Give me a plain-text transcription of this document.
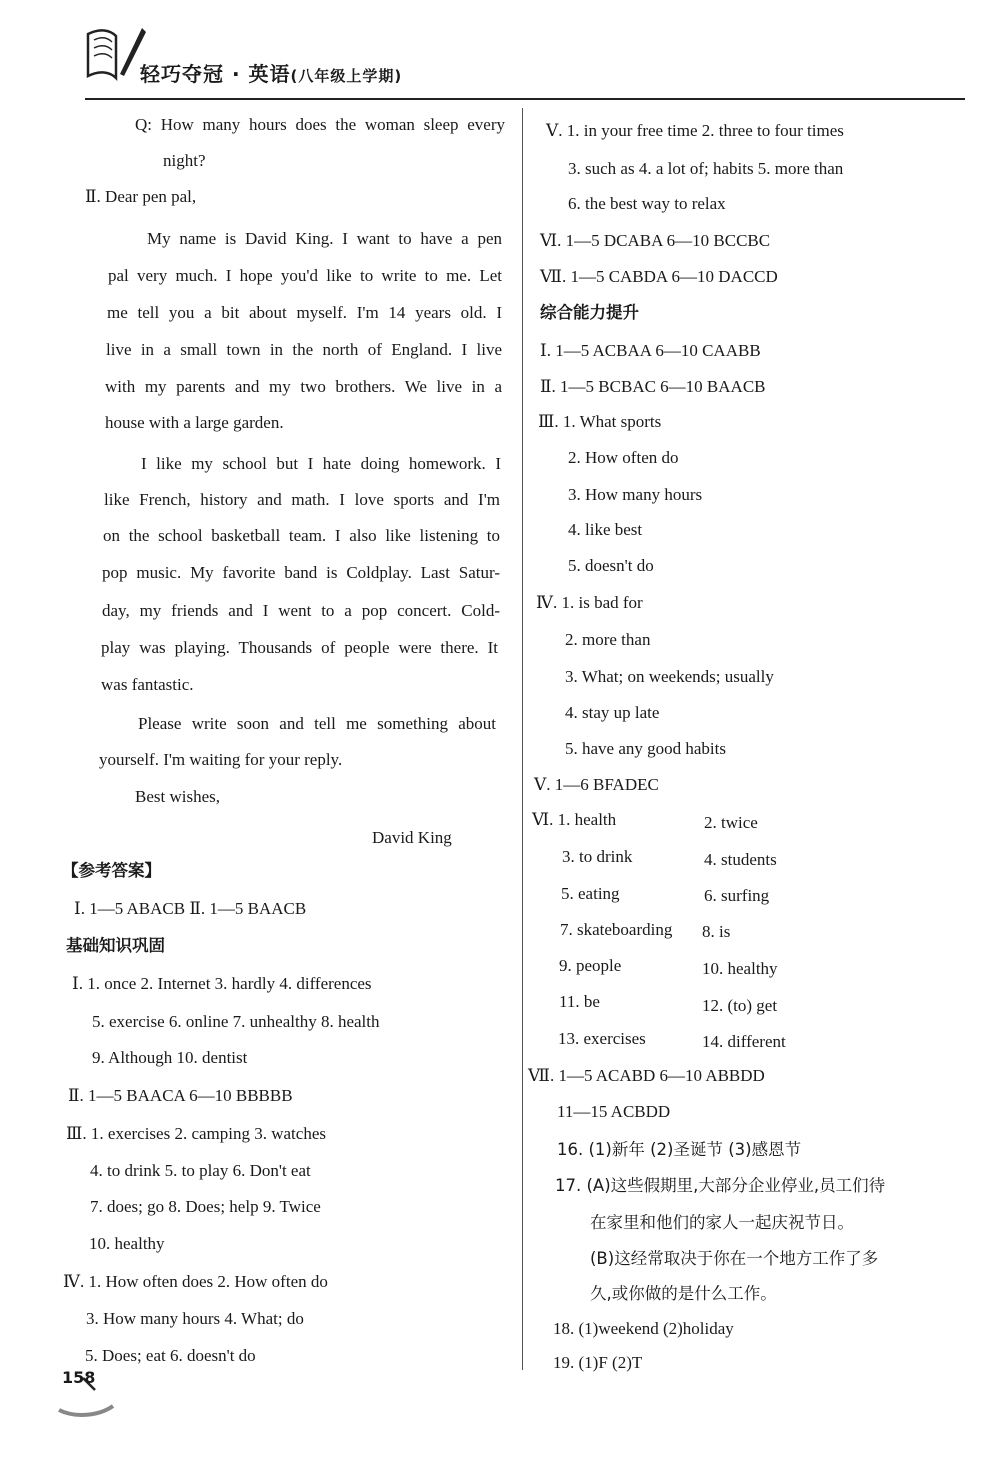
轻巧夺冠 · 英语(八年级上学期)
Q: How many hours does the woman sleep every
night?
Ⅱ. Dear pen pal,
My name is David King. I want to have a pen
pal very much. I hope you'd like to write to me. Let
me tell you a bit about myself. I'm 14 years old. I
live in a small town in the north of England. I live
with my parents and my two brothers. We live in a
house with a large garden.
I like my school but I hate doing homework. I
like French, history and math. I love sports and I'm
on the school basketball team. I also like listening to
pop music. My favorite band is Coldplay. Last Satur-
day, my friends and I went to a pop concert. Cold-
play was playing. Thousands of people were there. It
was fantastic.
Please write soon and tell me something about
yourself. I'm waiting for your reply.
Best wishes,
David King
【参考答案】
Ⅰ. 1—5 ABACB Ⅱ. 1—5 BAACB
基础知识巩固
Ⅰ. 1. once 2. Internet 3. hardly 4. differences
5. exercise 6. online 7. unhealthy 8. health
9. Although 10. dentist
Ⅱ. 1—5 BAACA 6—10 BBBBB
Ⅲ. 1. exercises 2. camping 3. watches
4. to drink 5. to play 6. Don't eat
7. does; go 8. Does; help 9. Twice
10. healthy
Ⅳ. 1. How often does 2. How often do
3. How many hours 4. What; do
5. Does; eat 6. doesn't do
Ⅴ. 1. in your free time 2. three to four times
3. such as 4. a lot of; habits 5. more than
6. the best way to relax
Ⅵ. 1—5 DCABA 6—10 BCCBC
Ⅶ. 1—5 CABDA 6—10 DACCD
综合能力提升
Ⅰ. 1—5 ACBAA 6—10 CAABB
Ⅱ. 1—5 BCBAC 6—10 BAACB
Ⅲ. 1. What sports
2. How often do
3. How many hours
4. like best
5. doesn't do
Ⅳ. 1. is bad for
2. more than
3. What; on weekends; usually
4. stay up late
5. have any good habits
Ⅴ. 1—6 BFADEC
Ⅵ. 1. health	2. twice
3. to drink	4. students
5. eating	6. surfing
7. skateboarding 8. is
9. people	10. healthy
11. be	12. (to) get
13. exercises	14. different
Ⅶ. 1—5 ACABD 6—10 ABBDD
11—15 ACBDD
16. (1)新年 (2)圣诞节 (3)感恩节
17. (A)这些假期里,大部分企业停业,员工们待
在家里和他们的家人一起庆祝节日。
(B)这经常取决于你在一个地方工作了多
久,或你做的是什么工作。
18. (1)weekend (2)holiday
19. (1)F (2)T
158
